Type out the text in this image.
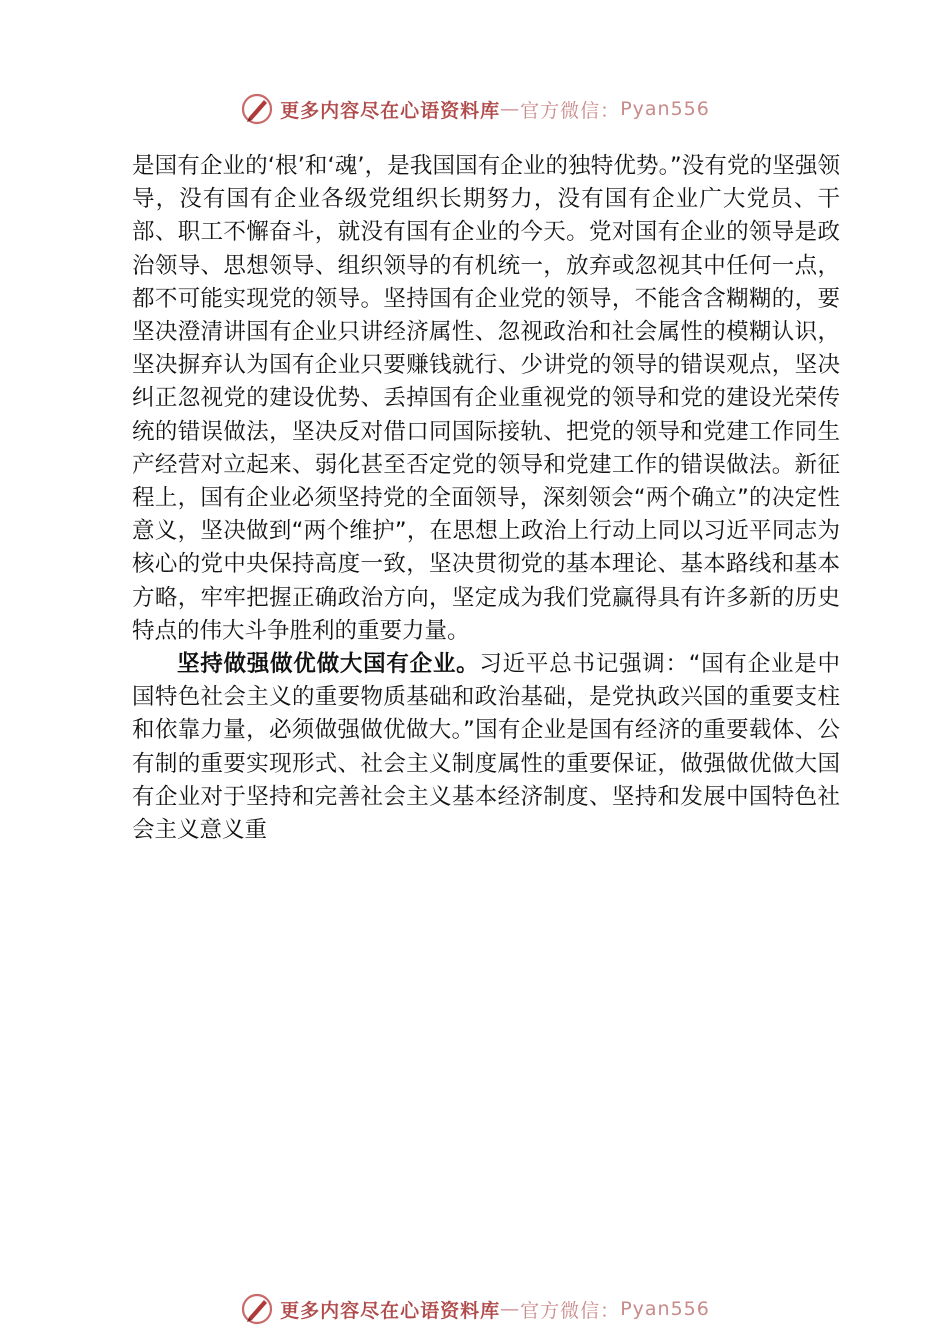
更多内容尽在心语资料库 — 官方微信： Pyan556

是国有企业的‘根’和‘魂’，是我国国有企业的独特优势。”没有党的坚强领导，没有国有企业各级党组织长期努力，没有国有企业广大党员、干部、职工不懈奋斗，就没有国有企业的今天。党对国有企业的领导是政治领导、思想领导、组织领导的有机统一，放弃或忽视其中任何一点，都不可能实现党的领导。坚持国有企业党的领导，不能含含糊糊的，要坚决澄清讲国有企业只讲经济属性、忽视政治和社会属性的模糊认识，坚决摒弃认为国有企业只要赚钱就行、少讲党的领导的错误观点，坚决纠正忽视党的建设优势、丢掉国有企业重视党的领导和党的建设光荣传统的错误做法，坚决反对借口同国际接轨、把党的领导和党建工作同生产经营对立起来、弱化甚至否定党的领导和党建工作的错误做法。新征程上，国有企业必须坚持党的全面领导，深刻领会“两个确立”的决定性意义，坚决做到“两个维护”，在思想上政治上行动上同以习近平同志为核心的党中央保持高度一致，坚决贯彻党的基本理论、基本路线和基本方略，牢牢把握正确政治方向，坚定成为我们党赢得具有许多新的历史特点的伟大斗争胜利的重要力量。

坚持做强做优做大国有企业。习近平总书记强调：“国有企业是中国特色社会主义的重要物质基础和政治基础，是党执政兴国的重要支柱和依靠力量，必须做强做优做大。”国有企业是国有经济的重要载体、公有制的重要实现形式、社会主义制度属性的重要保证，做强做优做大国有企业对于坚持和完善社会主义基本经济制度、坚持和发展中国特色社会主义意义重

更多内容尽在心语资料库 — 官方微信： Pyan556
